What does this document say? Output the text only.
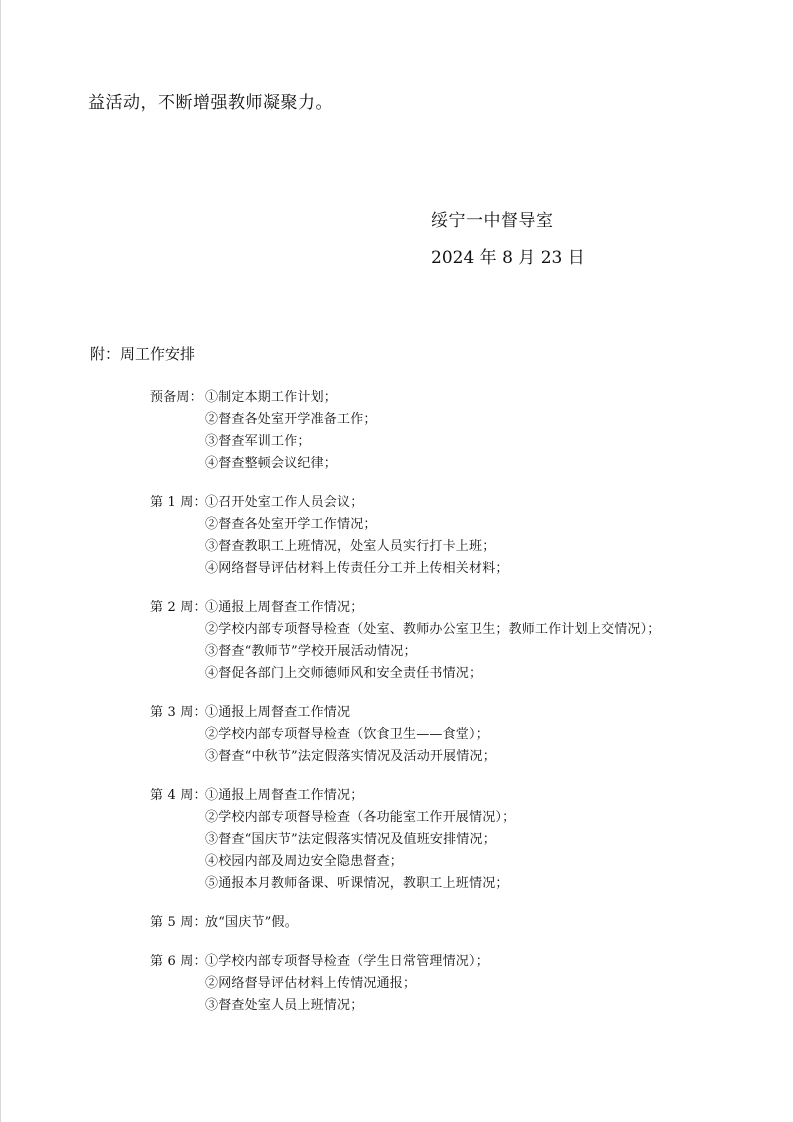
益活动，不断增强教师凝聚力。
绥宁一中督导室
2024 年 8 月 23 日
附：周工作安排
预备周： ①制定本期工作计划；
②督查各处室开学准备工作；
③督查军训工作；
④督查整顿会议纪律；
第 1 周：
①召开处室工作人员会议；
②督查各处室开学工作情况；
③督查教职工上班情况，处室人员实行打卡上班；
④网络督导评估材料上传责任分工并上传相关材料；
第 2 周：
①通报上周督查工作情况；
②学校内部专项督导检查（处室、教师办公室卫生；教师工作计划上交情况）；
③督查“教师节”学校开展活动情况；
④督促各部门上交师德师风和安全责任书情况；
第 3 周：
①通报上周督查工作情况
②学校内部专项督导检查（饮食卫生——食堂）；
③督查“中秋节”法定假落实情况及活动开展情况；
第 4 周：
①通报上周督查工作情况；
②学校内部专项督导检查（各功能室工作开展情况）；
③督查“国庆节”法定假落实情况及值班安排情况；
④校园内部及周边安全隐患督查；
⑤通报本月教师备课、听课情况，教职工上班情况；
第 5 周：
放“国庆节”假。
第 6 周：
①学校内部专项督导检查（学生日常管理情况）；
②网络督导评估材料上传情况通报；
③督查处室人员上班情况；
